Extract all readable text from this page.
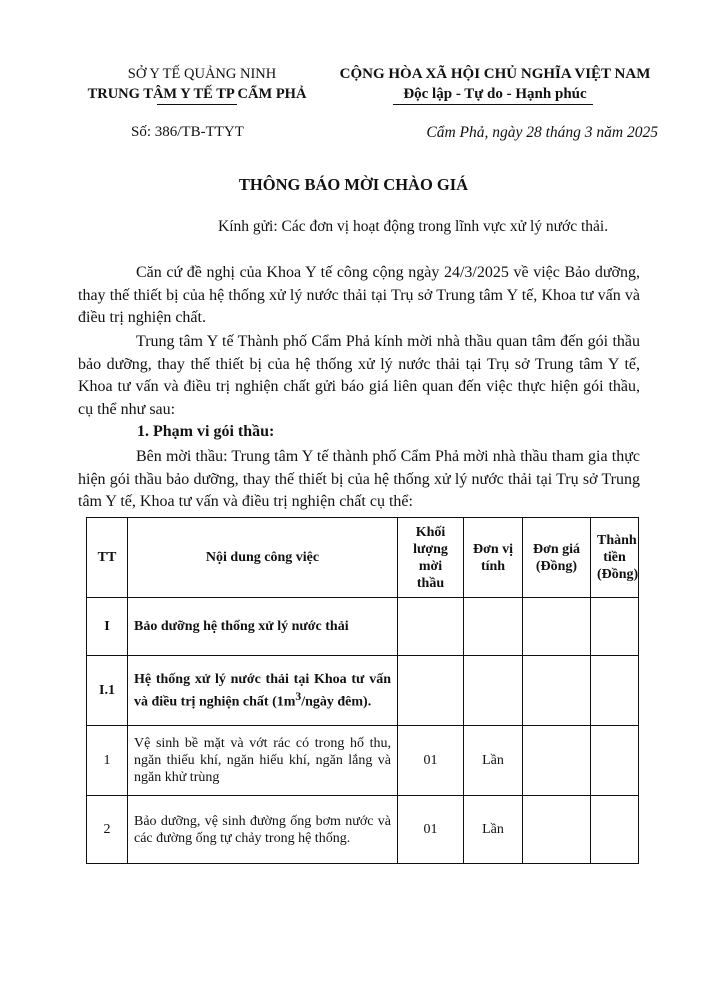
SỞ Y TẾ QUẢNG NINH
TRUNG TÂM Y TẾ TP CẨM PHẢ
CỘNG HÒA XÃ HỘI CHỦ NGHĨA VIỆT NAM
Độc lập - Tự do - Hạnh phúc
Số: 386/TB-TTYT	Cẩm Phả, ngày 28 tháng 3 năm 2025
THÔNG BÁO MỜI CHÀO GIÁ
Kính gửi: Các đơn vị hoạt động trong lĩnh vực xử lý nước thải.

Căn cứ đề nghị của Khoa Y tế công cộng ngày 24/3/2025 về việc Bảo dưỡng, thay thế thiết bị của hệ thống xử lý nước thải tại Trụ sở Trung tâm Y tế, Khoa tư vấn và điều trị nghiện chất.

Trung tâm Y tế Thành phố Cẩm Phả kính mời nhà thầu quan tâm đến gói thầu bảo dưỡng, thay thế thiết bị của hệ thống xử lý nước thải tại Trụ sở Trung tâm Y tế, Khoa tư vấn và điều trị nghiện chất gửi báo giá liên quan đến việc thực hiện gói thầu, cụ thể như sau:

1. Phạm vi gói thầu:

Bên mời thầu: Trung tâm Y tế thành phố Cẩm Phả mời nhà thầu tham gia thực hiện gói thầu bảo dưỡng, thay thế thiết bị của hệ thống xử lý nước thải tại Trụ sở Trung tâm Y tế, Khoa tư vấn và điều trị nghiện chất cụ thể:

TT	Nội dung công việc	Khối lượng mời thầu	Đơn vị tính	Đơn giá (Đồng)	Thành tiền (Đồng)
I	Bảo dưỡng hệ thống xử lý nước thải				
I.1	Hệ thống xử lý nước thải tại Khoa tư vấn và điều trị nghiện chất ($1m^3$/ngày đêm).				
1	Vệ sinh bề mặt và vớt rác có trong hố thu, ngăn thiếu khí, ngăn hiếu khí, ngăn lắng và ngăn khử trùng	01	Lần		
2	Bảo dưỡng, vệ sinh đường ống bơm nước và các đường ống tự chảy trong hệ thống.	01	Lần		
